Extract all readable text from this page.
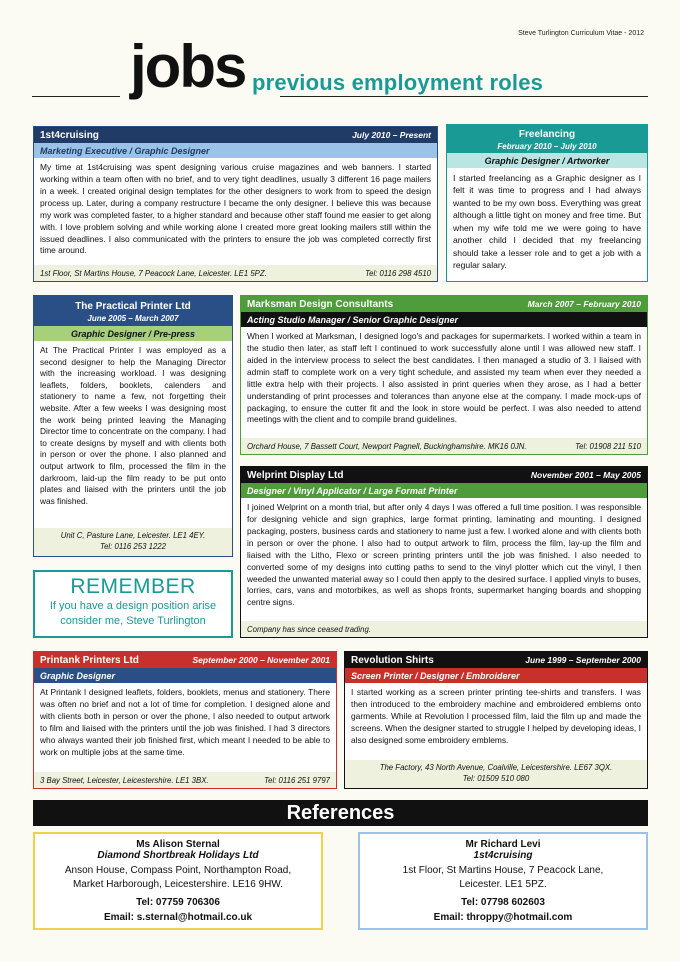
Steve Turlington Curriculum Vitae - 2012
jobs previous employment roles
1st4cruising	July 2010 – Present
Marketing Executive / Graphic Designer
My time at 1st4cruising was spent designing various cruise magazines and web banners. I started working within a team often with no brief, and to very tight deadlines, usually 3 different 16 page mailers in a week. I created original design templates for the other designers to work from to speed the design process up. Later, during a company restructure I became the only designer. I believe this was because my work was completed faster, to a higher standard and because other staff found me easier to get along with. I love problem solving and while working alone I created more great looking mailers still within the issued deadlines. I also communicated with the printers to ensure the job was completed correctly first time around.
1st Floor, St Martins House, 7 Peacock Lane, Leicester. LE1 5PZ.	Tel: 0116 298 4510
Freelancing
February 2010 – July 2010
Graphic Designer / Artworker
I started freelancing as a Graphic designer as I felt it was time to progress and I had always wanted to be my own boss. Everything was great although a little tight on money and free time. But when my wife told me we were going to have another child I decided that my freelancing should take a lesser role and to get a job with a regular salary.
The Practical Printer Ltd
June 2005 – March 2007
Graphic Designer / Pre-press
At The Practical Printer I was employed as a second designer to help the Managing Director with the increasing workload. I was designing leaflets, folders, booklets, calenders and stationery to name a few, not forgetting their website. After a few weeks I was designing most the work being printed leaving the Managing Director time to concentrate on the company. I had to create designs by myself and with clients both in person or over the phone. I also planned and output artwork to film, processed the film in the darkroom, laid-up the film ready to be put onto plates and liaised with the printers until the job was finished.
Unit C, Pasture Lane, Leicester. LE1 4EY.
Tel: 0116 253 1222
Marksman Design Consultants	March 2007 – February 2010
Acting Studio Manager / Senior Graphic Designer
When I worked at Marksman, I designed logo's and packages for supermarkets. I worked within a team in the studio then later, as staff left I continued to work successfully alone until I was allowed new staff. I aided in the interview process to select the best candidates. I then managed a studio of 3. I liaised with admin staff to complete work on a very tight schedule, and assisted my team when ever they needed a little extra help with their projects. I also assisted in print queries when they arose, as I had a better understanding of print processes and tolerances than anyone else at the company. I made mock-ups of packaging, to ensure the cutter fit and the look in store would be perfect. I was also needed to attend meetings with the client and to compile brand guidelines.
Orchard House, 7 Bassett Court, Newport Pagnell, Buckinghamshire. MK16 0JN.	Tel: 01908 211 510
Welprint Display Ltd	November 2001 – May 2005
Designer / Vinyl Applicator / Large Format Printer
I joined Welprint on a month trial, but after only 4 days I was offered a full time position. I was responsible for designing vehicle and sign graphics, large format printing, laminating and mounting. I designed packaging, posters, business cards and stationery to name just a few. I worked alone and with clients both in person or over the phone. I also had to output artwork to film, process the film, lay-up the film and liaised with the Litho, Flexo or screen printing printers until the job was finished. I also needed to converted some of my designs into cutting paths to send to the vinyl plotter which cut the vinyl, I then weeded the unwanted material away so I could then apply to the desired surface. I applied vinyls to buses, lorries, cars, vans and motorbikes, as well as shops fronts, supermarket hanging boards and shopping centre signs.
Company has since ceased trading.
REMEMBER
If you have a design position arise consider me, Steve Turlington
Printank Printers Ltd	September 2000 – November 2001
Graphic Designer
At Printank I designed leaflets, folders, booklets, menus and stationery. There was often no brief and not a lot of time for completion. I designed alone and with clients both in person or over the phone, I also needed to output artwork to film and liaised with the printers until the job was finished. I had 3 directors who always wanted their job finished first, which meant I needed to be able to work on multiple jobs at the same time.
3 Bay Street, Leicester, Leicestershire. LE1 3BX.	Tel: 0116 251 9797
Revolution Shirts	June 1999 – September 2000
Screen Printer / Designer / Embroiderer
I started working as a screen printer printing tee-shirts and transfers. I was then introduced to the embroidery machine and embroidered emblems onto garments. While at Revolution I processed film, laid the film up and made the screens. When the designer started to struggle I helped by developing ideas, I also designed some embroidery emblems.
The Factory, 43 North Avenue, Coalville, Leicestershire. LE67 3QX.
Tel: 01509 510 080
References
Ms Alison Sternal
Diamond Shortbreak Holidays Ltd
Anson House, Compass Point, Northampton Road,
Market Harborough, Leicestershire. LE16 9HW.
Tel: 07759 706306
Email: s.sternal@hotmail.co.uk
Mr Richard Levi
1st4cruising
1st Floor, St Martins House, 7 Peacock Lane,
Leicester. LE1 5PZ.
Tel: 07798 602603
Email: throppy@hotmail.com
